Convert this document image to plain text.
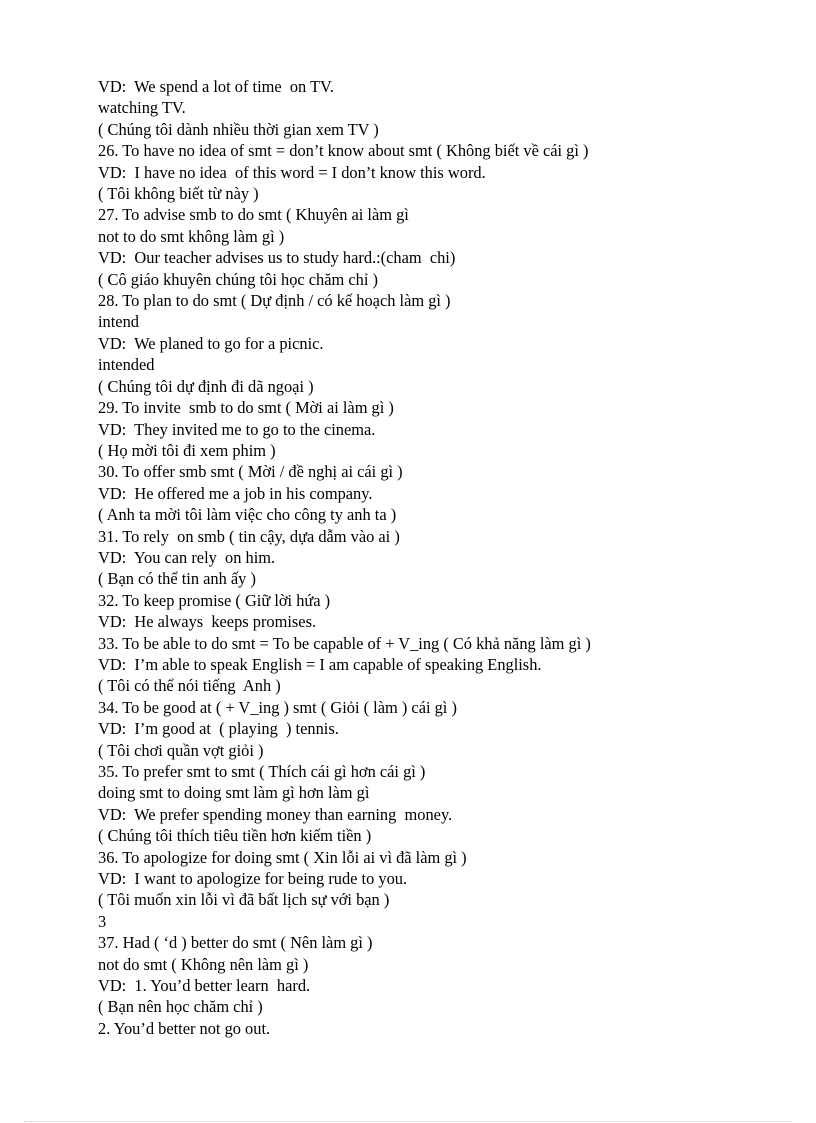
VD:  We spend a lot of time  on TV.
watching TV.
( Chúng tôi dành nhiều thời gian xem TV )
26. To have no idea of smt = don’t know about smt ( Không biết về cái gì )
VD:  I have no idea  of this word = I don’t know this word.
( Tôi không biết từ này )
27. To advise smb to do smt ( Khuyên ai làm gì
not to do smt không làm gì )
VD:  Our teacher advises us to study hard.:(cham  chi)
( Cô giáo khuyên chúng tôi học chăm chỉ )
28. To plan to do smt ( Dự định / có kế hoạch làm gì )
intend
VD:  We planed to go for a picnic.
intended
( Chúng tôi dự định đi dã ngoại )
29. To invite  smb to do smt ( Mời ai làm gì )
VD:  They invited me to go to the cinema.
( Họ mời tôi đi xem phim )
30. To offer smb smt ( Mời / đề nghị ai cái gì )
VD:  He offered me a job in his company.
( Anh ta mời tôi làm việc cho công ty anh ta )
31. To rely  on smb ( tin cậy, dựa dẫm vào ai )
VD:  You can rely  on him.
( Bạn có thể tin anh ấy )
32. To keep promise ( Giữ lời hứa )
VD:  He always  keeps promises.
33. To be able to do smt = To be capable of + V_ing ( Có khả năng làm gì )
VD:  I’m able to speak English = I am capable of speaking English.
( Tôi có thể nói tiếng  Anh )
34. To be good at ( + V_ing ) smt ( Giỏi ( làm ) cái gì )
VD:  I’m good at  ( playing  ) tennis.
( Tôi chơi quần vợt giỏi )
35. To prefer smt to smt ( Thích cái gì hơn cái gì )
doing smt to doing smt làm gì hơn làm gì
VD:  We prefer spending money than earning  money.
( Chúng tôi thích tiêu tiền hơn kiếm tiền )
36. To apologize for doing smt ( Xin lỗi ai vì đã làm gì )
VD:  I want to apologize for being rude to you.
( Tôi muốn xin lỗi vì đã bất lịch sự với bạn )
3
37. Had ( ‘d ) better do smt ( Nên làm gì )
not do smt ( Không nên làm gì )
VD:  1. You’d better learn  hard.
( Bạn nên học chăm chỉ )
2. You’d better not go out.
